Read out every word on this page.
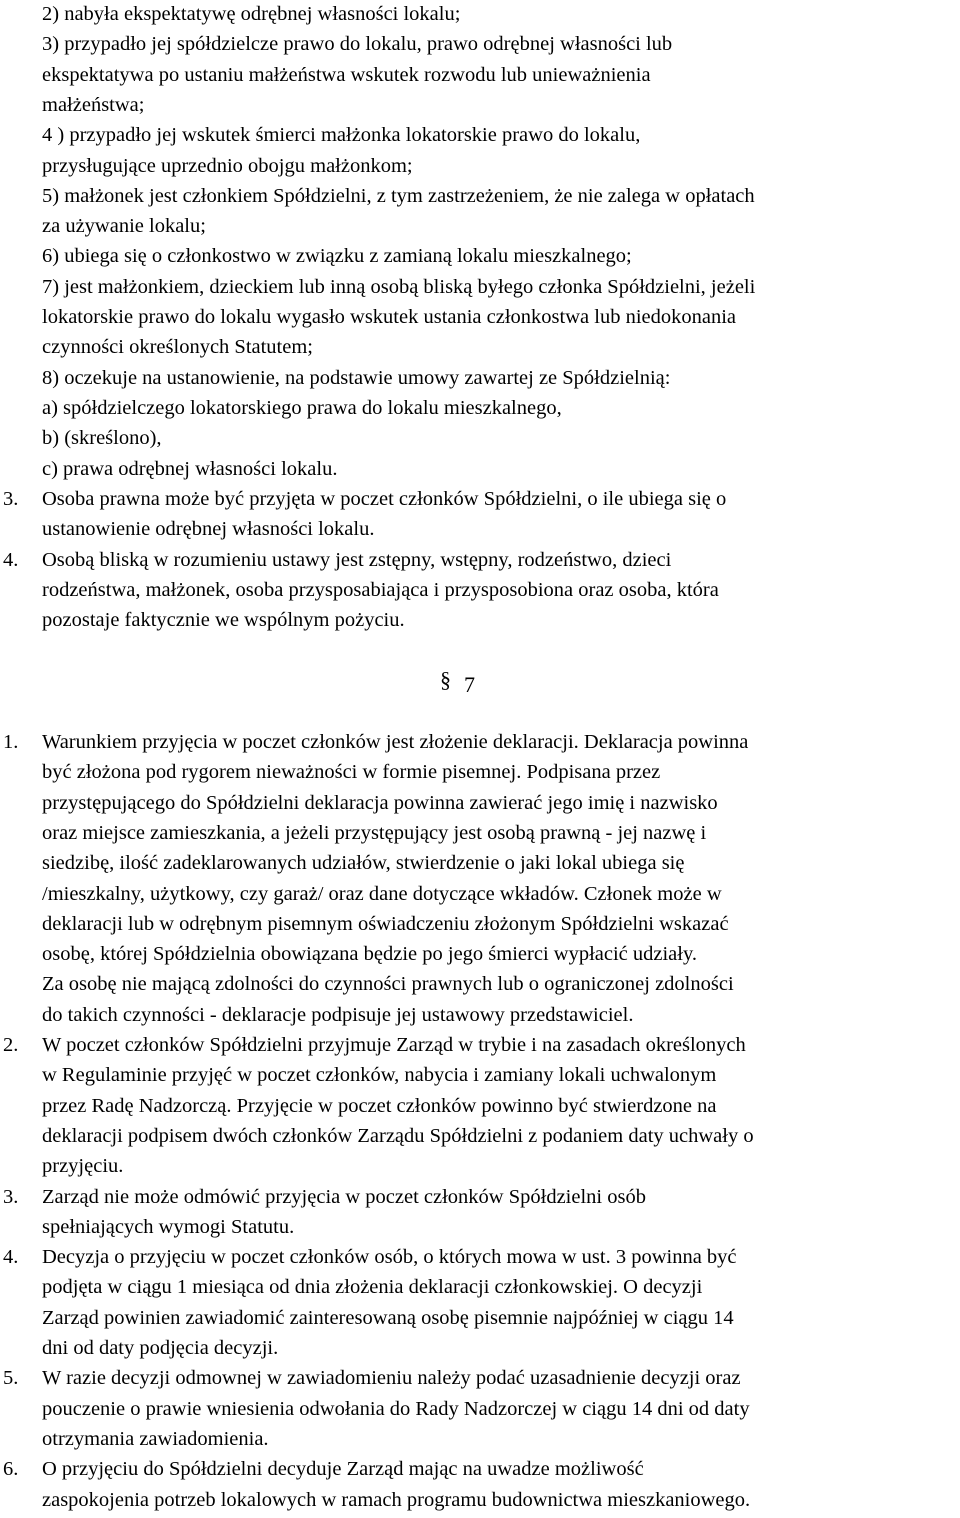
2) nabyła ekspektatywę odrębnej własności lokalu;
3) przypadło jej spółdzielcze prawo do lokalu, prawo odrębnej własności lub
ekspektatywa po ustaniu małżeństwa wskutek rozwodu lub unieważnienia
małżeństwa;
4 ) przypadło jej wskutek śmierci małżonka lokatorskie prawo do lokalu,
przysługujące uprzednio obojgu małżonkom;
5) małżonek jest członkiem Spółdzielni, z tym zastrzeżeniem, że nie zalega w opłatach
za używanie lokalu;
6) ubiega się o członkostwo w związku z zamianą lokalu mieszkalnego;
7) jest małżonkiem, dzieckiem lub inną osobą bliską byłego członka Spółdzielni, jeżeli
lokatorskie prawo do lokalu wygasło wskutek ustania członkostwa lub niedokonania
czynności określonych Statutem;
8) oczekuje na ustanowienie, na podstawie umowy zawartej ze Spółdzielnią:
a) spółdzielczego lokatorskiego prawa do lokalu mieszkalnego,
b) (skreślono),
c) prawa odrębnej własności lokalu.
3. Osoba prawna może być przyjęta w poczet członków Spółdzielni, o ile ubiega się o
ustanowienie odrębnej własności lokalu.
4. Osobą bliską w rozumieniu ustawy jest zstępny, wstępny, rodzeństwo, dzieci
rodzeństwa, małżonek, osoba przysposabiająca i przysposobiona oraz osoba, która
pozostaje faktycznie we wspólnym pożyciu.
§ 7
1. Warunkiem przyjęcia w poczet członków jest złożenie deklaracji. Deklaracja powinna
być złożona pod rygorem nieważności w formie pisemnej. Podpisana przez
przystępującego do Spółdzielni deklaracja powinna zawierać jego imię i nazwisko
oraz miejsce zamieszkania, a jeżeli przystępujący jest osobą prawną - jej nazwę i
siedzibę, ilość zadeklarowanych udziałów, stwierdzenie o jaki lokal ubiega się
/mieszkalny, użytkowy, czy garaż/ oraz dane dotyczące wkładów. Członek może w
deklaracji lub w odrębnym pisemnym oświadczeniu złożonym Spółdzielni wskazać
osobę, której Spółdzielnia obowiązana będzie po jego śmierci wypłacić udziały.
Za osobę nie mającą zdolności do czynności prawnych lub o ograniczonej zdolności
do takich czynności - deklaracje podpisuje jej ustawowy przedstawiciel.
2. W poczet członków Spółdzielni przyjmuje Zarząd w trybie i na zasadach określonych
w Regulaminie przyjęć w poczet członków, nabycia i zamiany lokali uchwalonym
przez Radę Nadzorczą. Przyjęcie w poczet członków powinno być stwierdzone na
deklaracji podpisem dwóch członków Zarządu Spółdzielni z podaniem daty uchwały o
przyjęciu.
3. Zarząd nie może odmówić przyjęcia w poczet członków Spółdzielni osób
spełniających wymogi Statutu.
4. Decyzja o przyjęciu w poczet członków osób, o których mowa w ust. 3 powinna być
podjęta w ciągu 1 miesiąca od dnia złożenia deklaracji członkowskiej. O decyzji
Zarząd powinien zawiadomić zainteresowaną osobę pisemnie najpóźniej w ciągu 14
dni od daty podjęcia decyzji.
5. W razie decyzji odmownej w zawiadomieniu należy podać uzasadnienie decyzji oraz
pouczenie o prawie wniesienia odwołania do Rady Nadzorczej w ciągu 14 dni od daty
otrzymania zawiadomienia.
6. O przyjęciu do Spółdzielni decyduje Zarząd mając na uwadze możliwość
zaspokojenia potrzeb lokalowych w ramach programu budownictwa mieszkaniowego.
